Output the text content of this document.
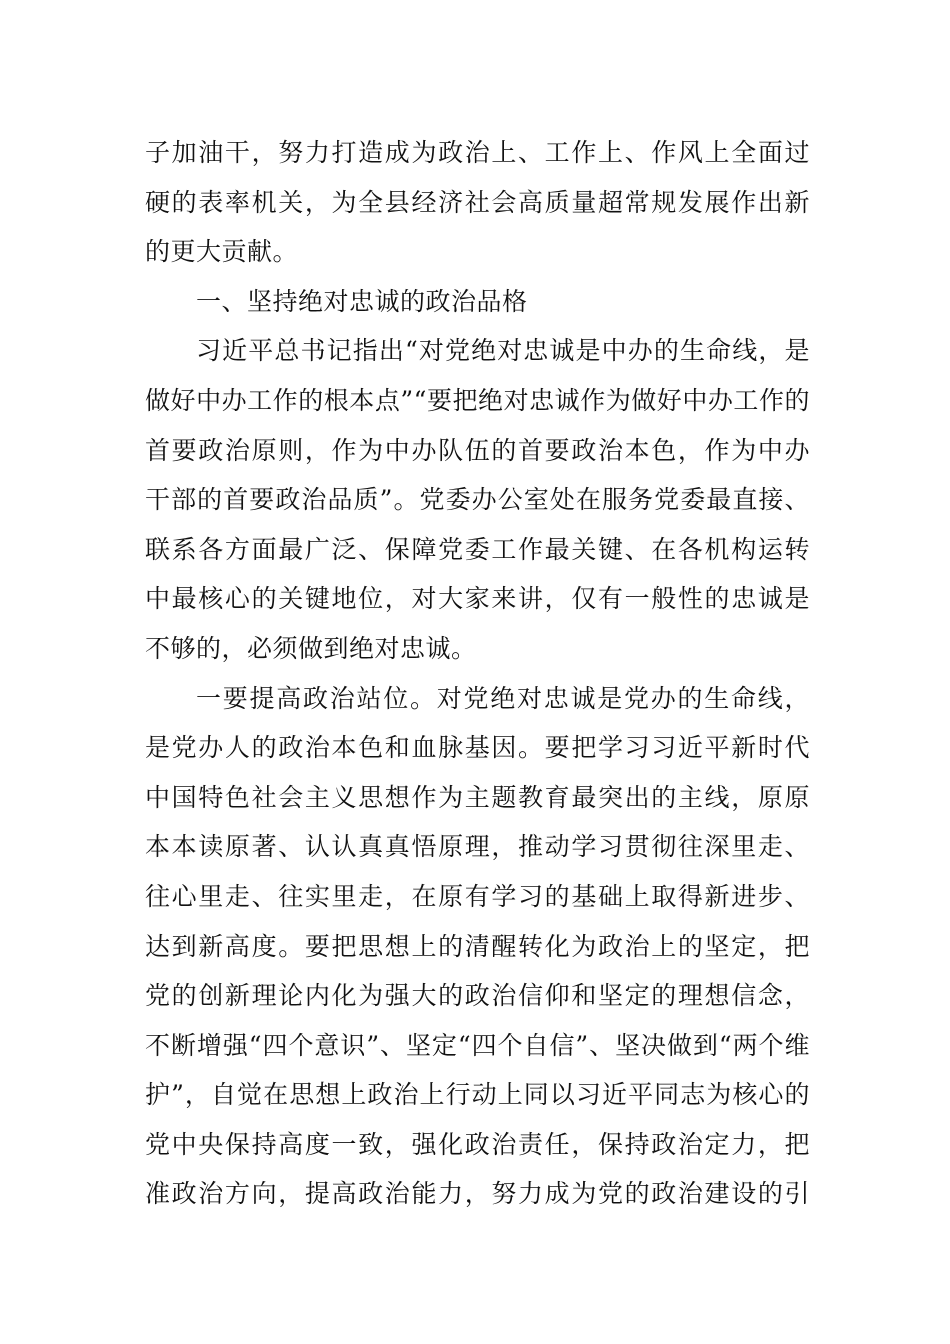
子加油干，努力打造成为政治上、工作上、作风上全面过
硬的表率机关，为全县经济社会高质量超常规发展作出新
的更大贡献。
一、坚持绝对忠诚的政治品格
习近平总书记指出“对党绝对忠诚是中办的生命线，是
做好中办工作的根本点”“要把绝对忠诚作为做好中办工作的
首要政治原则，作为中办队伍的首要政治本色，作为中办
干部的首要政治品质”。党委办公室处在服务党委最直接、
联系各方面最广泛、保障党委工作最关键、在各机构运转
中最核心的关键地位，对大家来讲，仅有一般性的忠诚是
不够的，必须做到绝对忠诚。
一要提高政治站位。对党绝对忠诚是党办的生命线，
是党办人的政治本色和血脉基因。要把学习习近平新时代
中国特色社会主义思想作为主题教育最突出的主线，原原
本本读原著、认认真真悟原理，推动学习贯彻往深里走、
往心里走、往实里走，在原有学习的基础上取得新进步、
达到新高度。要把思想上的清醒转化为政治上的坚定，把
党的创新理论内化为强大的政治信仰和坚定的理想信念，
不断增强“四个意识”、坚定“四个自信”、坚决做到“两个维
护”，自觉在思想上政治上行动上同以习近平同志为核心的
党中央保持高度一致，强化政治责任，保持政治定力，把
准政治方向，提高政治能力，努力成为党的政治建设的引
